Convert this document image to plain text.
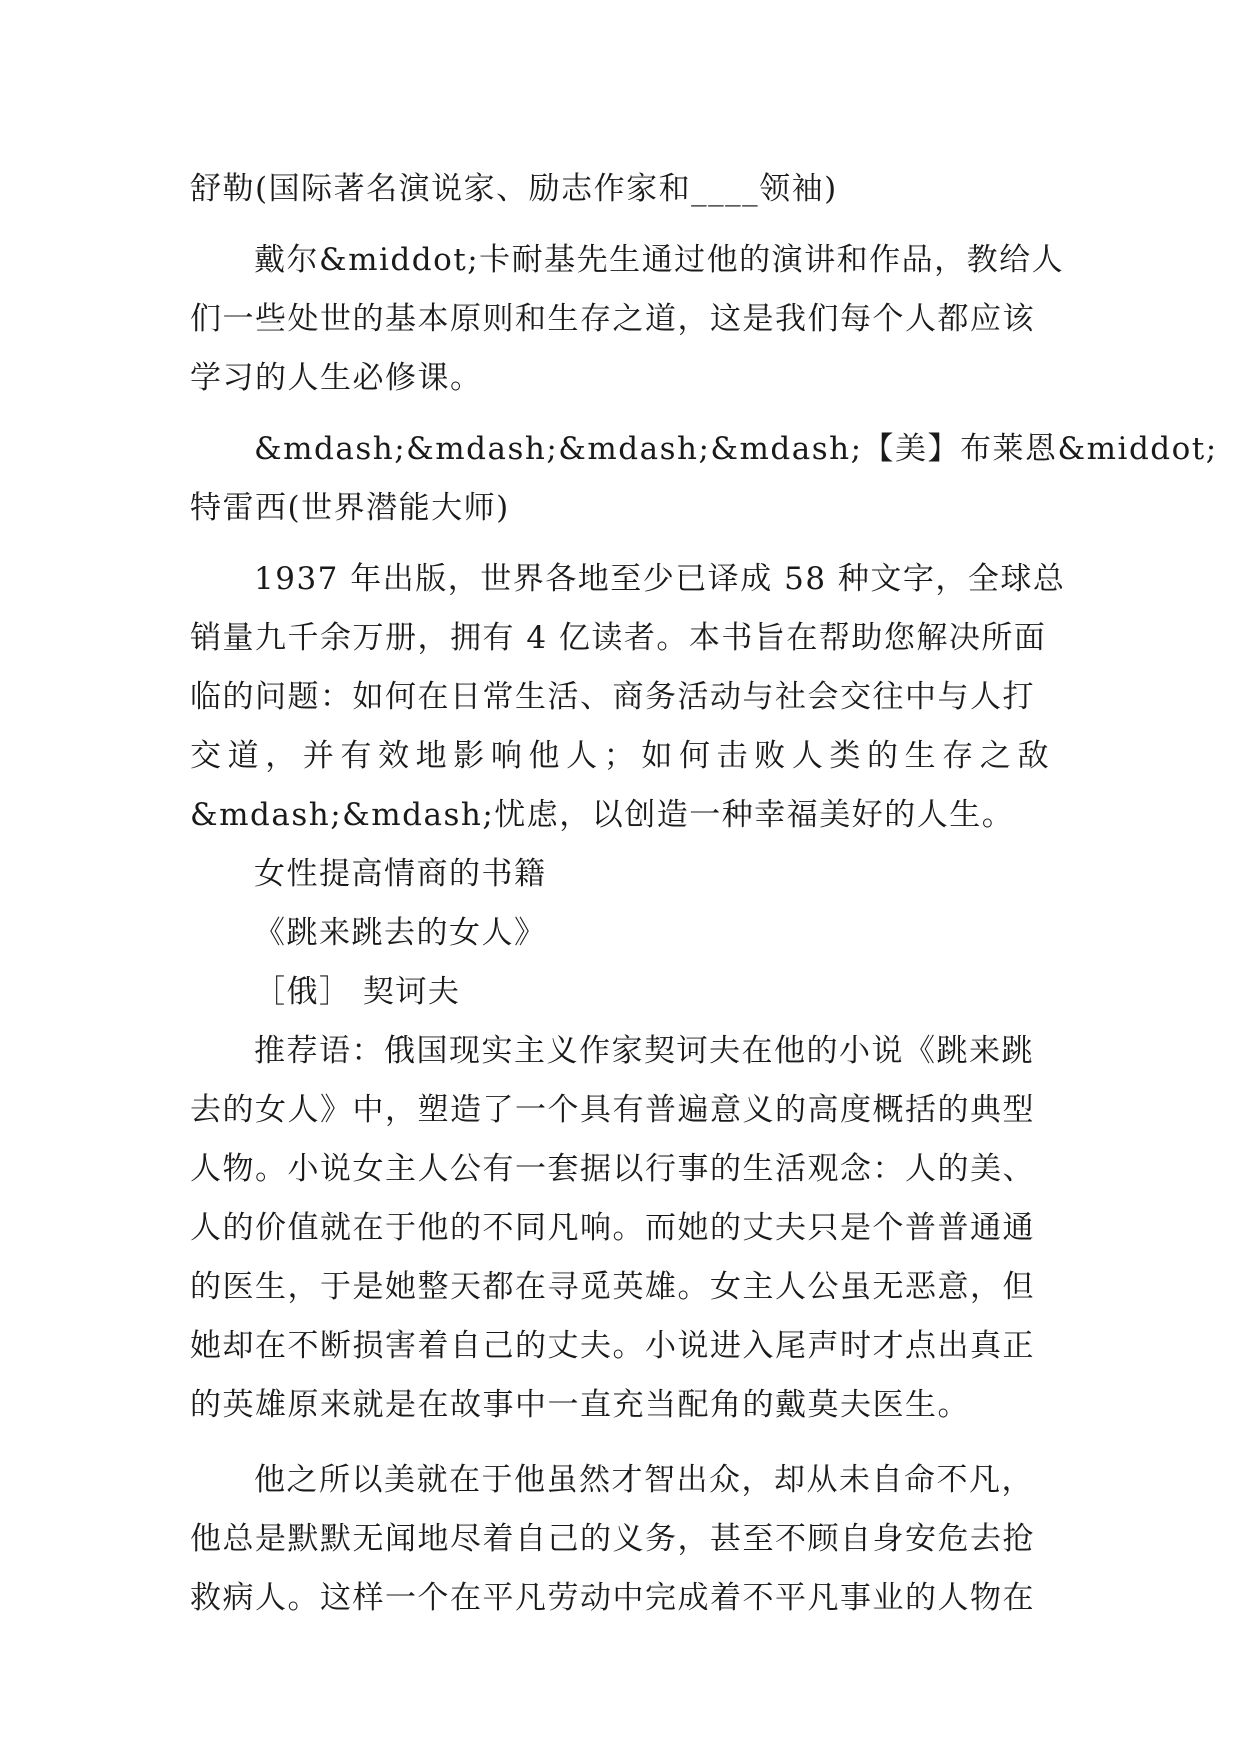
舒勒(国际著名演说家、励志作家和____领袖)
戴尔&middot;卡耐基先生通过他的演讲和作品，教给人
们一些处世的基本原则和生存之道，这是我们每个人都应该
学习的人生必修课。
&mdash;&mdash;&mdash;&mdash;【美】布莱恩&middot;
特雷西(世界潜能大师)
1937 年出版，世界各地至少已译成 58 种文字，全球总
销量九千余万册，拥有 4 亿读者。本书旨在帮助您解决所面
临的问题：如何在日常生活、商务活动与社会交往中与人打
交道，并有效地影响他人；如何击败人类的生存之敌
&mdash;&mdash;忧虑，以创造一种幸福美好的人生。
女性提高情商的书籍
《跳来跳去的女人》
［俄］ 契诃夫
推荐语：俄国现实主义作家契诃夫在他的小说《跳来跳
去的女人》中，塑造了一个具有普遍意义的高度概括的典型
人物。小说女主人公有一套据以行事的生活观念：人的美、
人的价值就在于他的不同凡响。而她的丈夫只是个普普通通
的医生，于是她整天都在寻觅英雄。女主人公虽无恶意，但
她却在不断损害着自己的丈夫。小说进入尾声时才点出真正
的英雄原来就是在故事中一直充当配角的戴莫夫医生。
他之所以美就在于他虽然才智出众，却从未自命不凡，
他总是默默无闻地尽着自己的义务，甚至不顾自身安危去抢
救病人。这样一个在平凡劳动中完成着不平凡事业的人物在
